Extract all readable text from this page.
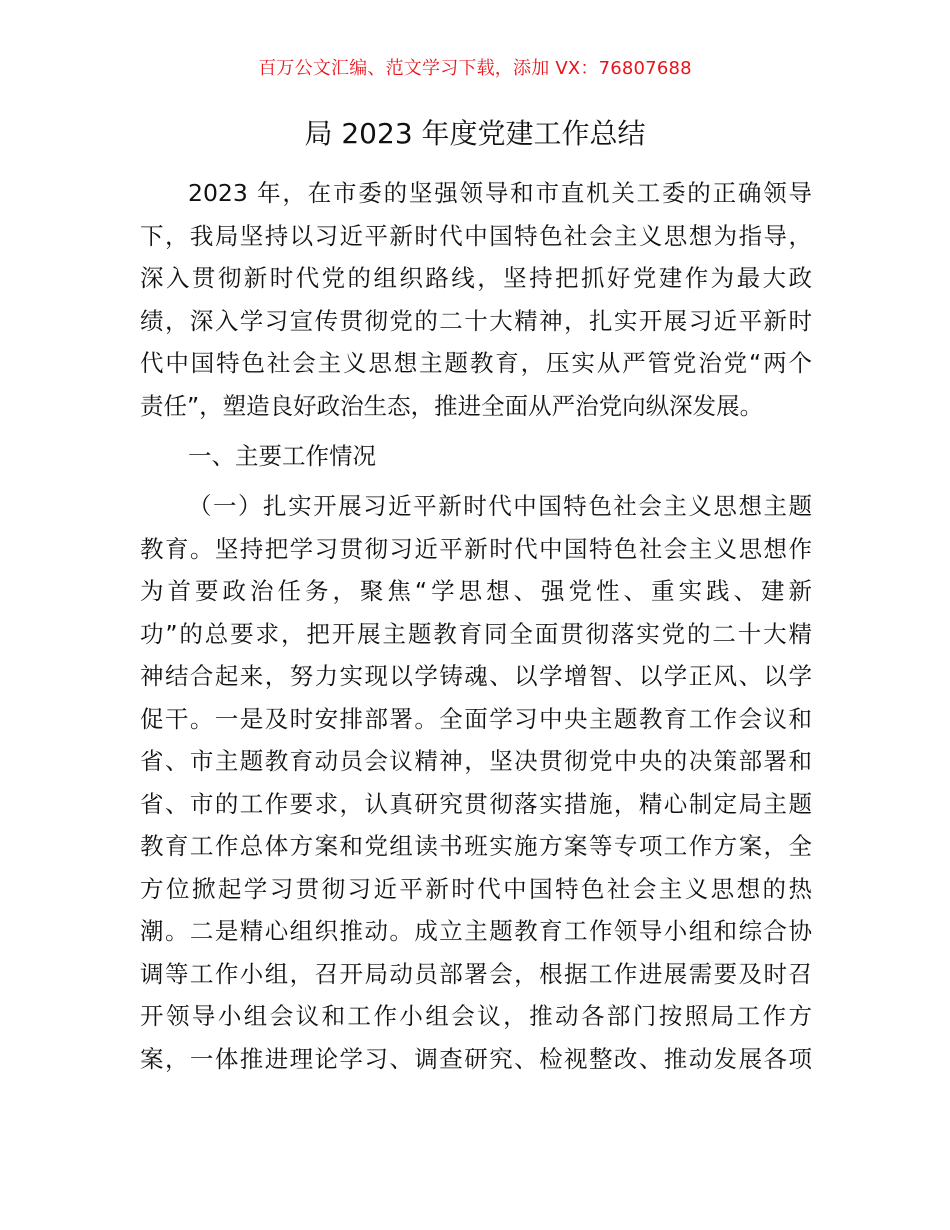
百万公文汇编、范文学习下载，添加 VX：76807688
局 2023 年度党建工作总结
2023 年，在市委的坚强领导和市直机关工委的正确领导
下，我局坚持以习近平新时代中国特色社会主义思想为指导，
深入贯彻新时代党的组织路线，坚持把抓好党建作为最大政
绩，深入学习宣传贯彻党的二十大精神，扎实开展习近平新时
代中国特色社会主义思想主题教育，压实从严管党治党“两个
责任”，塑造良好政治生态，推进全面从严治党向纵深发展。
一、主要工作情况
（一）扎实开展习近平新时代中国特色社会主义思想主题
教育。坚持把学习贯彻习近平新时代中国特色社会主义思想作
为首要政治任务，聚焦“学思想、强党性、重实践、建新
功”的总要求，把开展主题教育同全面贯彻落实党的二十大精
神结合起来，努力实现以学铸魂、以学增智、以学正风、以学
促干。一是及时安排部署。全面学习中央主题教育工作会议和
省、市主题教育动员会议精神，坚决贯彻党中央的决策部署和
省、市的工作要求，认真研究贯彻落实措施，精心制定局主题
教育工作总体方案和党组读书班实施方案等专项工作方案，全
方位掀起学习贯彻习近平新时代中国特色社会主义思想的热
潮。二是精心组织推动。成立主题教育工作领导小组和综合协
调等工作小组，召开局动员部署会，根据工作进展需要及时召
开领导小组会议和工作小组会议，推动各部门按照局工作方
案，一体推进理论学习、调查研究、检视整改、推动发展各项
